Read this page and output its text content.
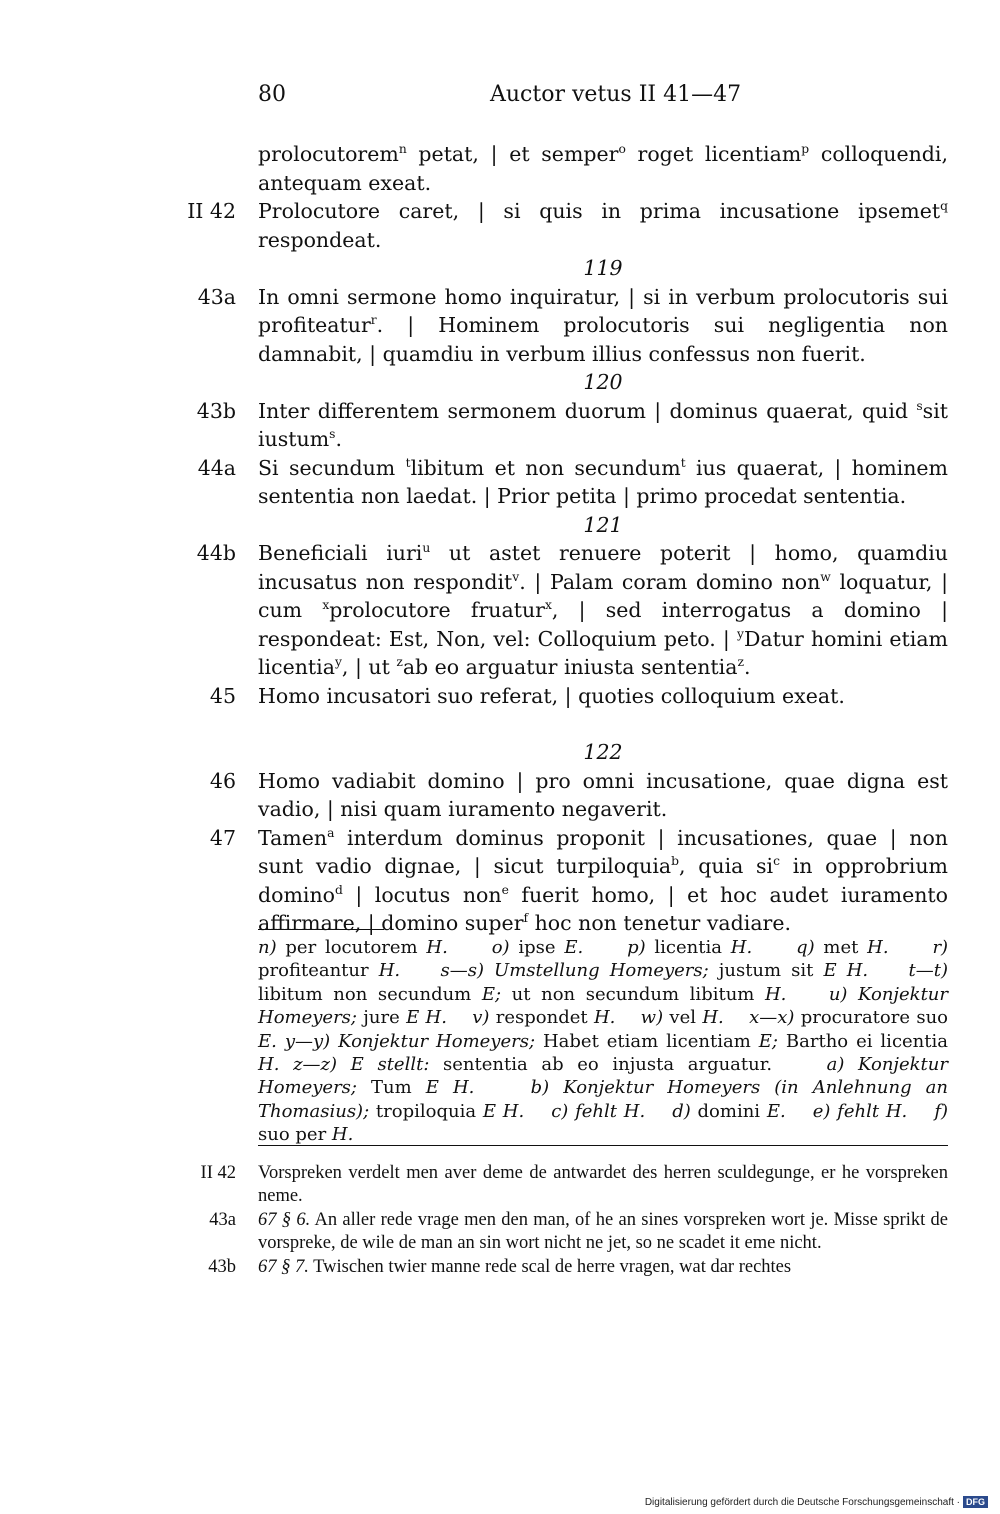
80	Auctor vetus II 41—47
prolocutorem$^n$ petat, | et semper$^o$ roget licentiam$^p$ colloquendi, antequam exeat.
II 42 Prolocutore caret, | si quis in prima incusatione ipsemet$^q$ respondeat.
119
43a In omni sermone homo inquiratur, | si in verbum prolocutoris sui profiteatur$^r$. | Hominem prolocutoris sui negligentia non damnabit, | quamdiu in verbum illius confessus non fuerit.
120
43b Inter differentem sermonem duorum | dominus quaerat, quid $^s$sit iustum$^s$.
44a Si secundum $^t$libitum et non secundum$^t$ ius quaerat, | hominem sententia non laedat. | Prior petita | primo procedat sententia.
121
44b Beneficiali iuri$^u$ ut astet renuere poterit | homo, quamdiu incusatus non respondit$^v$. | Palam coram domino non$^w$ loquatur, | cum $^x$prolocutore fruatur$^x$, | sed interrogatus a domino | respondeat: Est, Non, vel: Colloquium peto. | $^y$Datur homini etiam licentia$^y$, | ut $^z$ab eo arguatur iniusta sententia$^z$.
45 Homo incusatori suo referat, | quoties colloquium exeat.
122
46 Homo vadiabit domino | pro omni incusatione, quae digna est vadio, | nisi quam iuramento negaverit.
47 Tamen$^a$ interdum dominus proponit | incusationes, quae | non sunt vadio dignae, | sicut turpiloquia$^b$, quia $si^c$ in opprobrium domino$^d$ | locutus non$^e$ fuerit homo, | et hoc audet iuramento affirmare, | domino super$^f$ hoc non tenetur vadiare.

n) per locutorem H. o) ipse E. p) licentia H. q) met H. r) profiteantur H. s—s) Umstellung Homeyers; justum sit E H. t—t) libitum non secundum E; ut non secundum libitum H. u) Konjektur Homeyers; jure E H. v) respondet H. w) vel H. x—x) procuratore suo E. y—y) Konjektur Homeyers; Habet etiam licentiam E; Bartho ei licentia H. z—z) E stellt: sententia ab eo injusta arguatur.    a) Konjektur Homeyers; Tum E H.	b) Konjektur Homeyers (in Anlehnung an Thomasius); tropiloquia E H. c) fehlt H. d) domini E. e) fehlt H. f) suo per H.

II 42 Vorspreken verdelt men aver deme de antwardet des herren sculdegunge, er he vorspreken neme.
43a 67 § 6. An aller rede vrage men den man, of he an sines vorspreken wort je. Misse sprikt de vorspreke, de wile de man an sin wort nicht ne jet, so ne scadet it eme nicht.
43b 67 § 7. Twischen twier manne rede scal de herre vragen, wat dar rechtes
Digitalisierung gefördert durch die Deutsche Forschungsgemeinschaft · DFG
